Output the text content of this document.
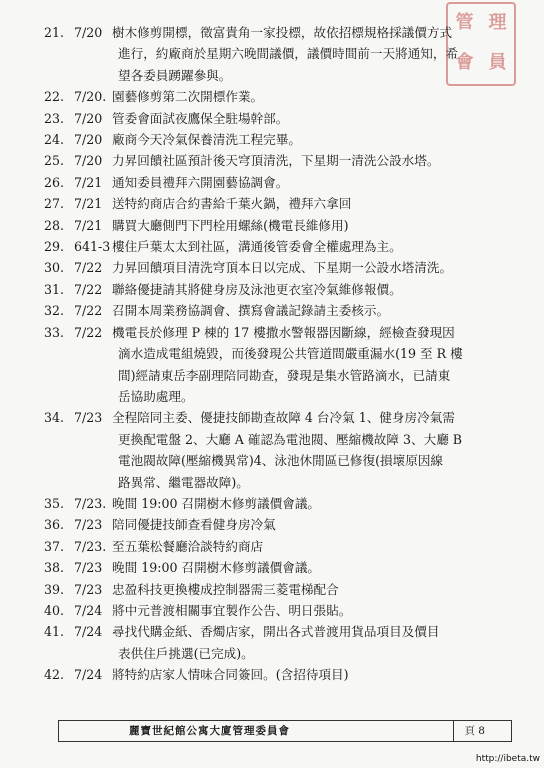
管 理
會 員
21. 7/20 樹木修剪開標，徵富貴角一家投標，故依招標規格採議價方式
進行，約廠商於星期六晚間議價，議價時間前一天將通知，希
望各委員踴躍參與。
22. 7/20. 園藝修剪第二次開標作業。
23. 7/20 管委會面試夜鷹保全駐場幹部。
24. 7/20 廠商今天冷氣保養清洗工程完畢。
25. 7/20 力昇回饋社區預計後天穹頂清洗，下星期一清洗公設水塔。
26. 7/21 通知委員禮拜六開園藝協調會。
27. 7/21 送特約商店合約書給千葉火鍋，禮拜六拿回
28. 7/21 購買大廳側門下門栓用螺絲(機電長維修用)
29. 641-3 樓住戶葉太太到社區，溝通後管委會全權處理為主。
30. 7/22 力昇回饋項目清洗穹頂本日以完成、下星期一公設水塔清洗。
31. 7/22 聯絡優捷請其將健身房及泳池更衣室冷氣維修報價。
32. 7/22 召開本周業務協調會、撰寫會議記錄請主委核示。
33. 7/22 機電長於修理 P 棟的 17 樓撒水警報器因斷線，經檢查發現因
滴水造成電組燒毀，而後發現公共管道間嚴重漏水(19 至 R 樓
間)經請東岳李副理陪同勘查，發現是集水管路滴水，已請東
岳協助處理。
34. 7/23 全程陪同主委、優捷技師勘查故障 4 台冷氣 1、健身房冷氣需
更換配電盤 2、大廳 A 確認為電池閥、壓縮機故障 3、大廳 B
電池閥故障(壓縮機異常)4、泳池休閒區已修復(損壞原因線
路異常、繼電器故障)。
35. 7/23. 晚間 19:00 召開樹木修剪議價會議。
36. 7/23 陪同優捷技師查看健身房冷氣
37. 7/23. 至五葉松餐廳洽談特約商店
38. 7/23 晚間 19:00 召開樹木修剪議價會議。
39. 7/23 忠盈科技更換樓成控制器需三菱電梯配合
40. 7/24 將中元普渡相關事宜製作公告、明日張貼。
41. 7/24 尋找代購金紙、香燭店家，開出各式普渡用貨品項目及價目
表供住戶挑選(已完成)。
42. 7/24 將特約店家人情味合同簽回。(含招待項目)
麗寶世紀館公寓大廈管理委員會	頁 8
http://ibeta.tw
